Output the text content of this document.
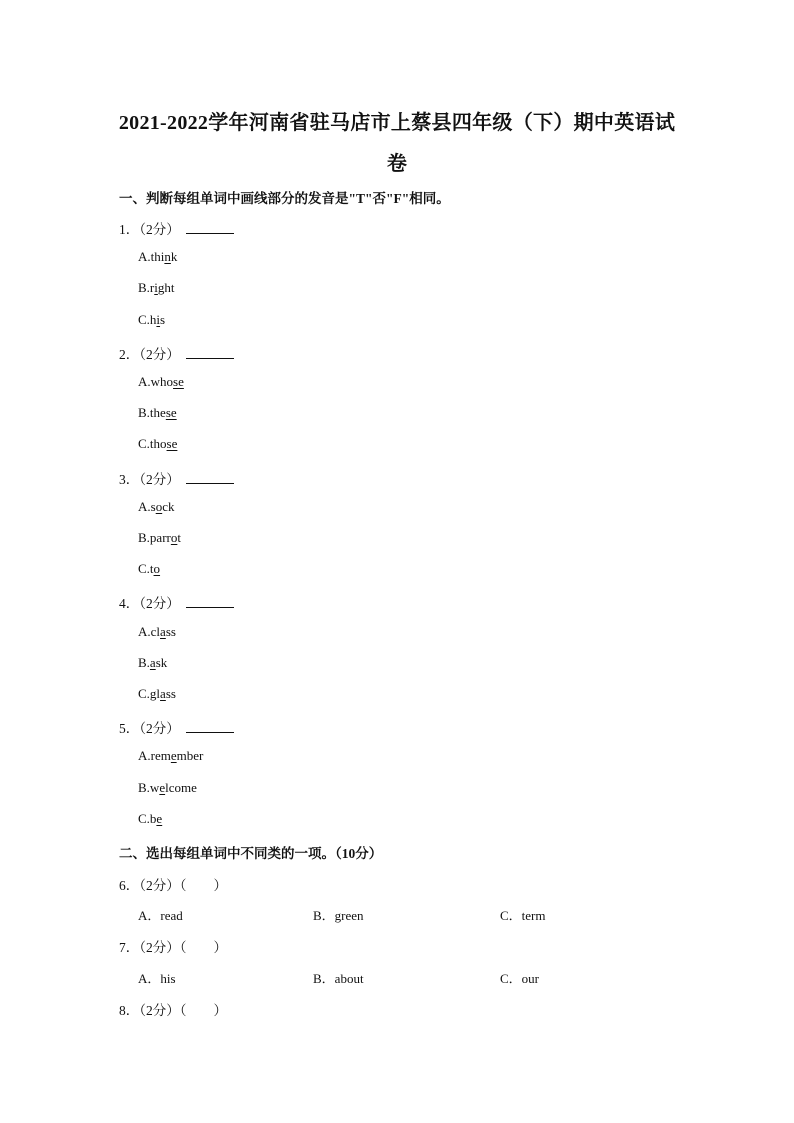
2021-2022学年河南省驻马店市上蔡县四年级（下）期中英语试
卷
一、判断每组单词中画线部分的发音是"T"否"F"相同。
1．（2分）
A.think
B.right
C.his
2．（2分）
A.whose
B.these
C.those
3．（2分）
A.sock
B.parrot
C.to
4．（2分）
A.class
B.ask
C.glass
5．（2分）
A.remember
B.welcome
C.be
二、选出每组单词中不同类的一项。（10分）
6．（2分）（　　）
A．read	B．green	C．term
7．（2分）（　　）
A．his	B．about	C．our
8．（2分）（　　）
